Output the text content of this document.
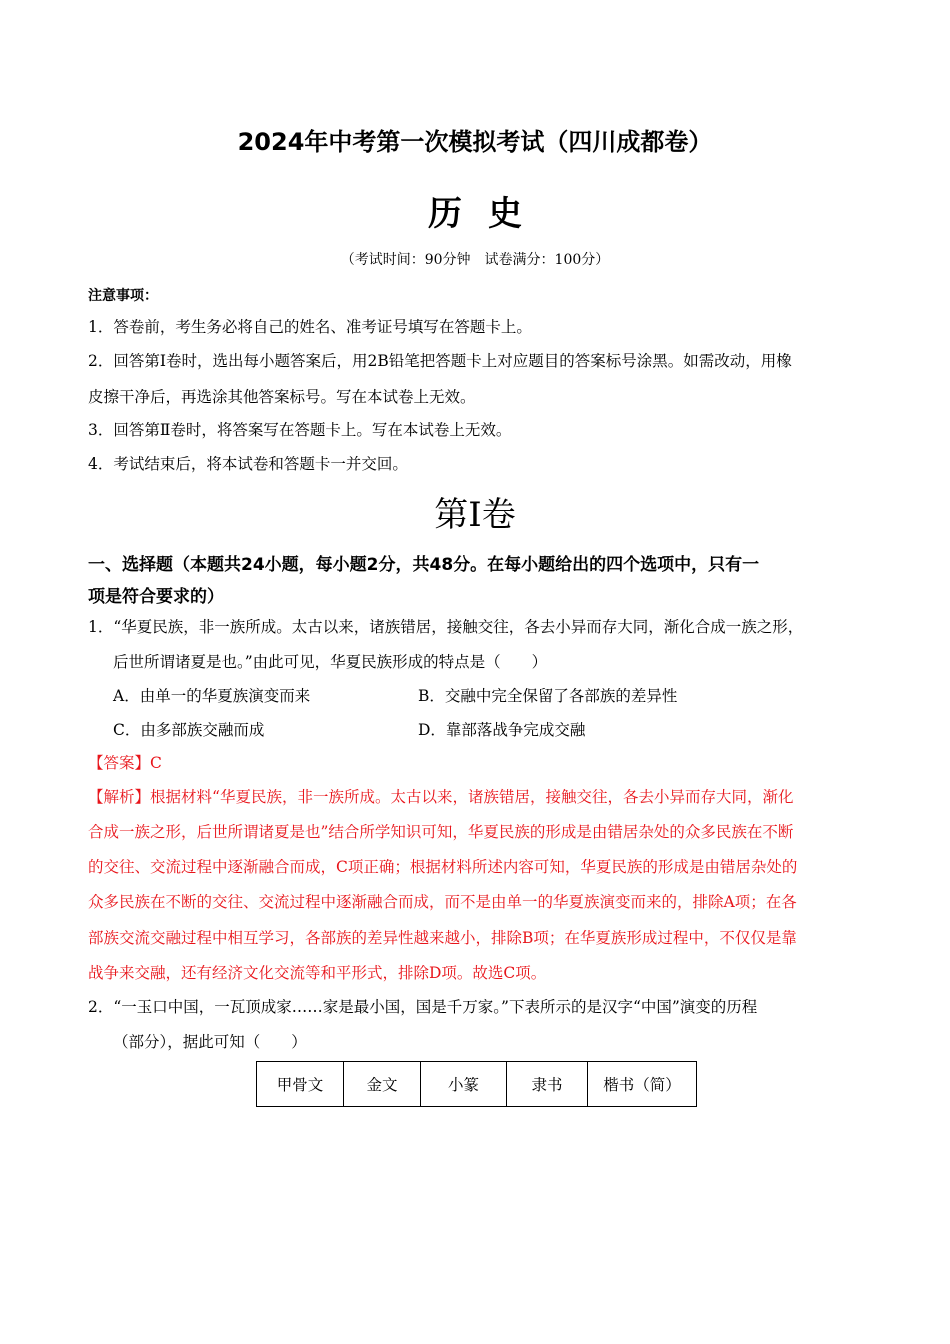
2024年中考第一次模拟考试（四川成都卷）
历史
（考试时间：90分钟　试卷满分：100分）
注意事项：
1．答卷前，考生务必将自己的姓名、准考证号填写在答题卡上。
2．回答第Ⅰ卷时，选出每小题答案后，用2B铅笔把答题卡上对应题目的答案标号涂黑。如需改动，用橡
皮擦干净后，再选涂其他答案标号。写在本试卷上无效。
3．回答第Ⅱ卷时，将答案写在答题卡上。写在本试卷上无效。
4．考试结束后，将本试卷和答题卡一并交回。
第Ⅰ卷
一、选择题（本题共24小题，每小题2分，共48分。在每小题给出的四个选项中，只有一
项是符合要求的）
1．“华夏民族，非一族所成。太古以来，诸族错居，接触交往，各去小异而存大同，渐化合成一族之形，
后世所谓诸夏是也。”由此可见，华夏民族形成的特点是（　　）
A．由单一的华夏族演变而来	B．交融中完全保留了各部族的差异性
C．由多部族交融而成	D．靠部落战争完成交融
【答案】C
【解析】根据材料“华夏民族，非一族所成。太古以来，诸族错居，接触交往，各去小异而存大同，渐化
合成一族之形，后世所谓诸夏是也”结合所学知识可知，华夏民族的形成是由错居杂处的众多民族在不断
的交往、交流过程中逐渐融合而成，C项正确；根据材料所述内容可知，华夏民族的形成是由错居杂处的
众多民族在不断的交往、交流过程中逐渐融合而成，而不是由单一的华夏族演变而来的，排除A项；在各
部族交流交融过程中相互学习，各部族的差异性越来越小，排除B项；在华夏族形成过程中，不仅仅是靠
战争来交融，还有经济文化交流等和平形式，排除D项。故选C项。
2．“一玉口中国，一瓦顶成家……家是最小国，国是千万家。”下表所示的是汉字“中国”演变的历程
（部分），据此可知（　　）
甲骨文	金文	小篆	隶书	楷书（简）
